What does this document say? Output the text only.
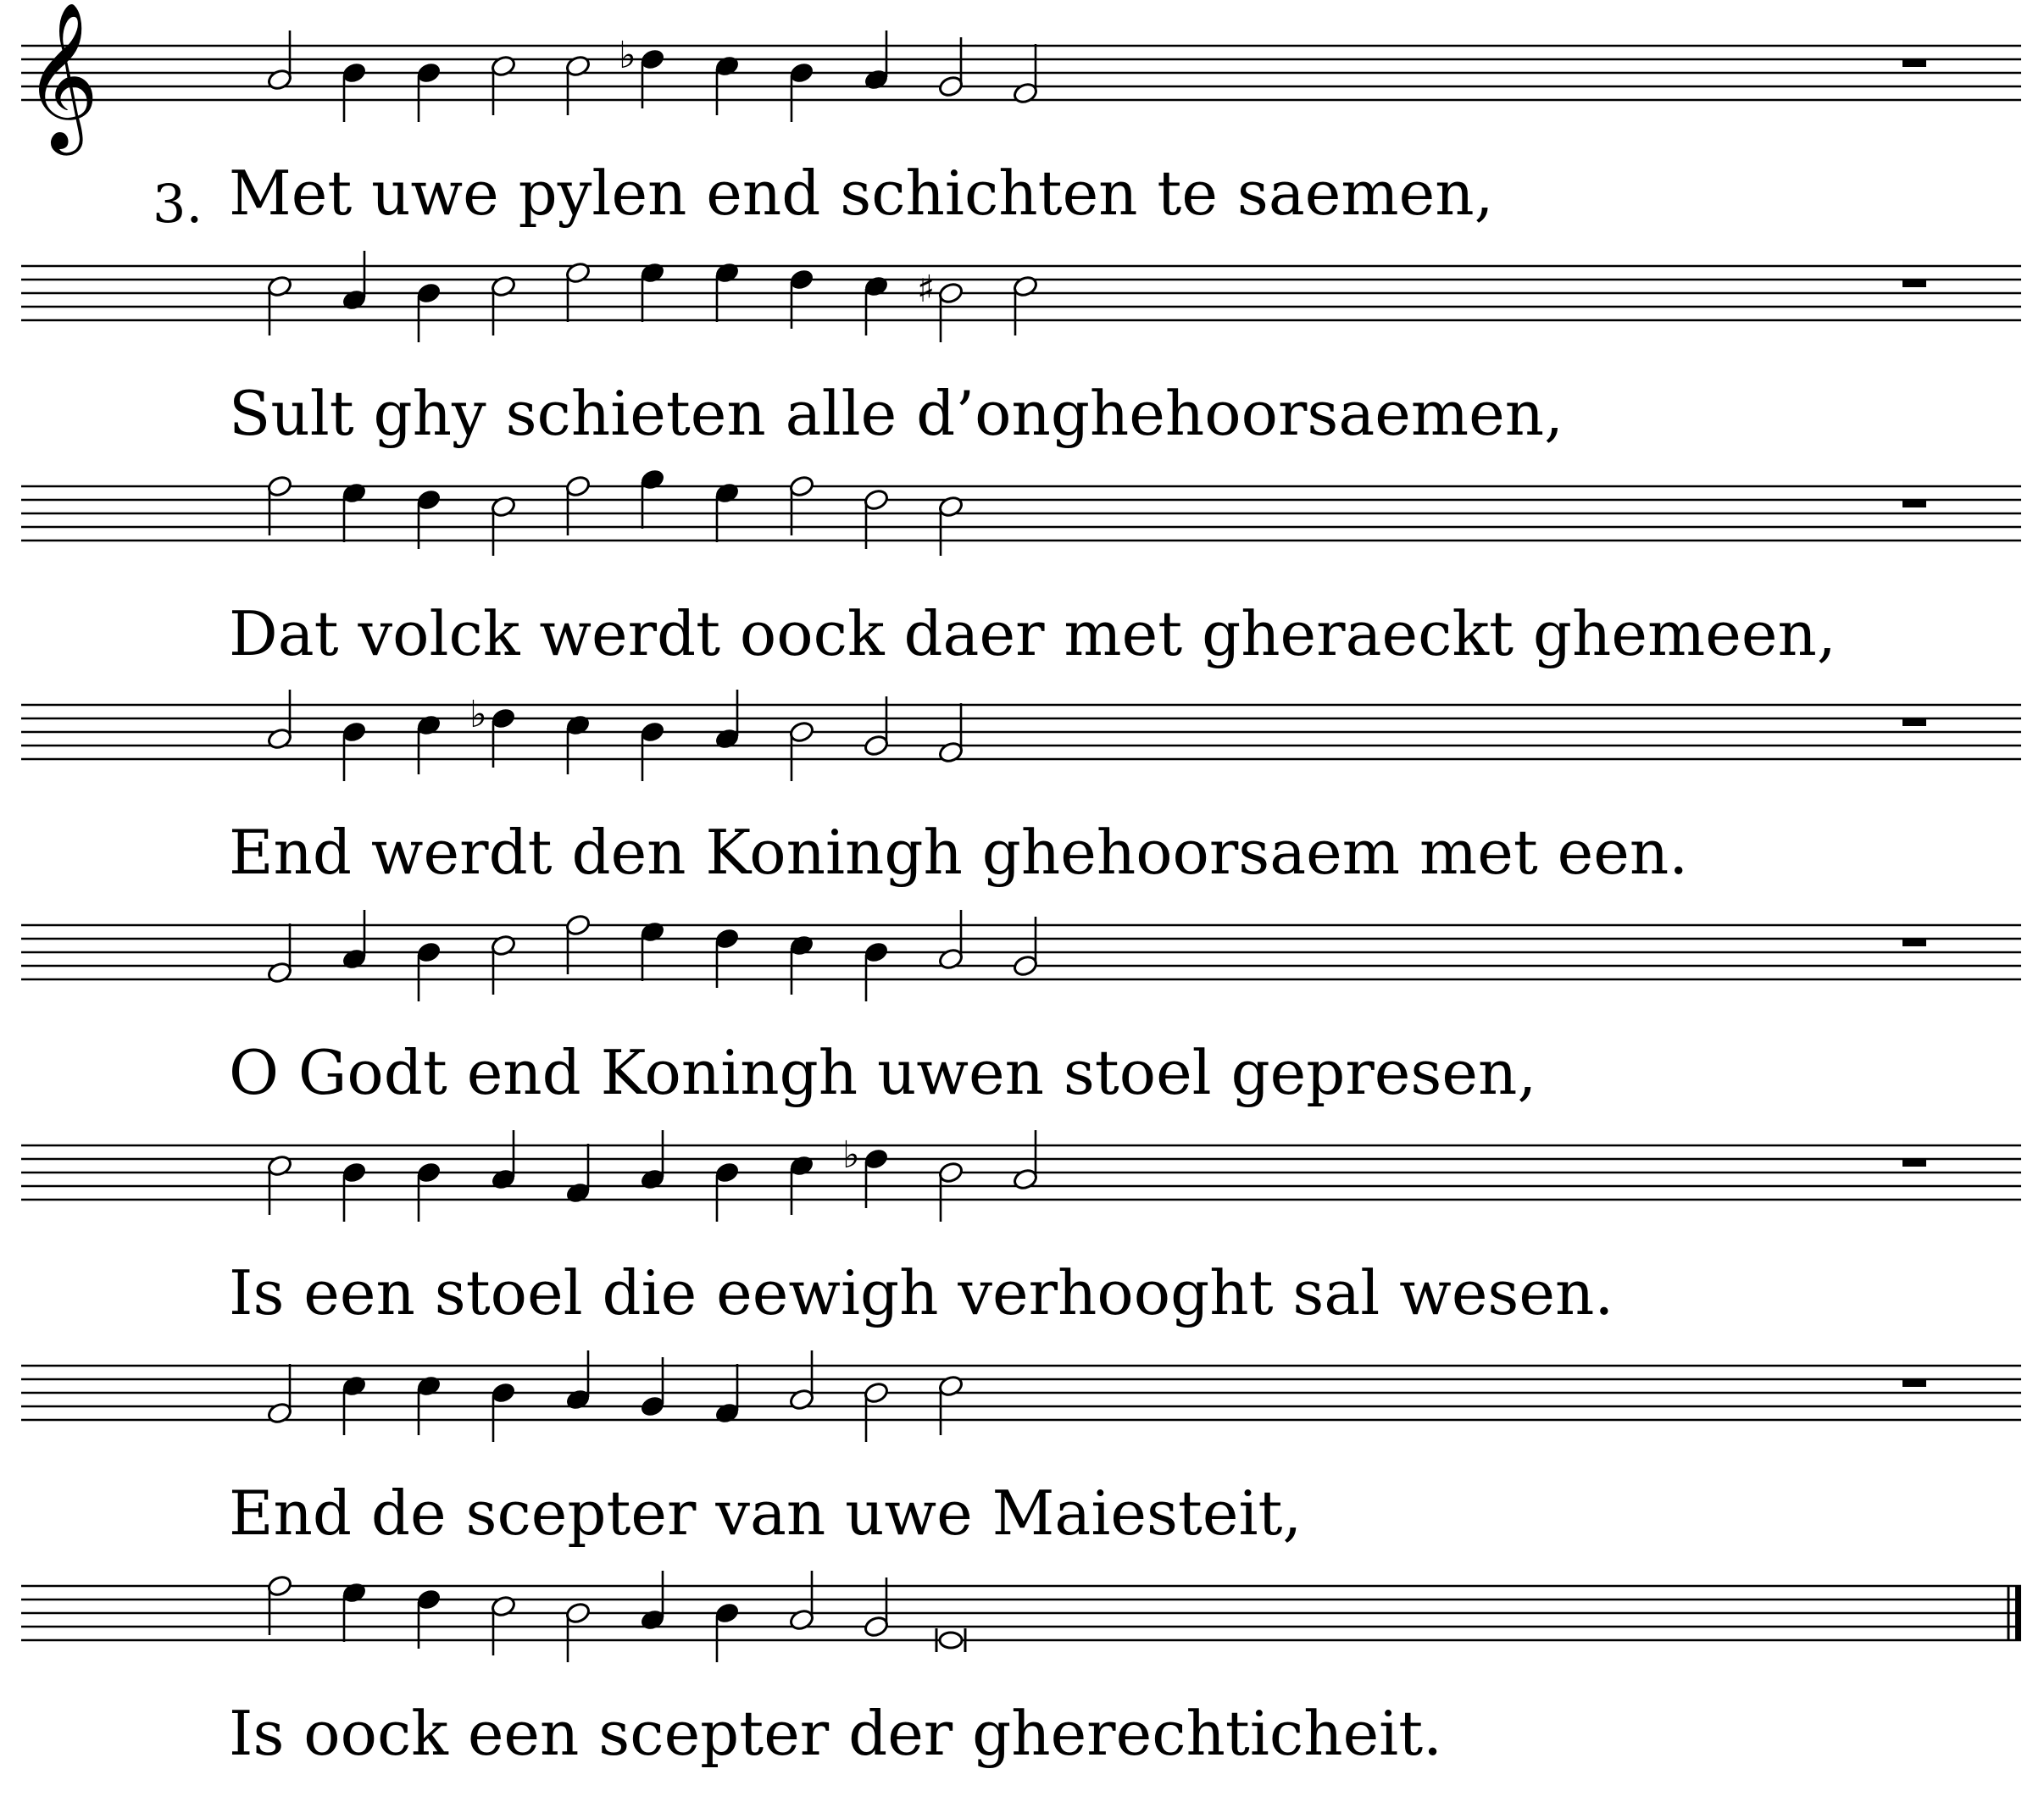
𝄞	♭
♯
♭
♭
3. Met uwe pylen end schichten te saemen,
Sult ghy schieten alle d’onghehoorsaemen,
Dat volck werdt oock daer met gheraeckt ghemeen,
End werdt den Koningh ghehoorsaem met een.
O Godt end Koningh uwen stoel gepresen,
Is een stoel die eewigh verhooght sal wesen.
End de scepter van uwe Maiesteit,
Is oock een scepter der gherechticheit.
